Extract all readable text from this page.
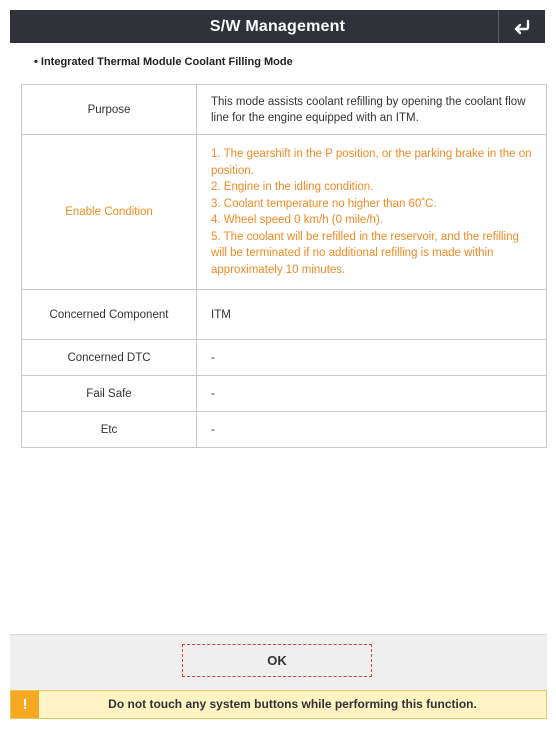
S/W Management
• Integrated Thermal Module Coolant Filling Mode
Purpose	This mode assists coolant refilling by opening the coolant flow line for the engine equipped with an ITM.
Enable Condition	1. The gearshift in the P position, or the parking brake in the on position.
2. Engine in the idling condition.
3. Coolant temperature no higher than 60˚C.
4. Wheel speed 0 km/h (0 mile/h).
5. The coolant will be refilled in the reservoir, and the refilling will be terminated if no additional refilling is made within approximately 10 minutes.

Concerned Component	ITM
Concerned DTC	-
Fail Safe	-
Etc	-
OK
!	Do not touch any system buttons while performing this function.
